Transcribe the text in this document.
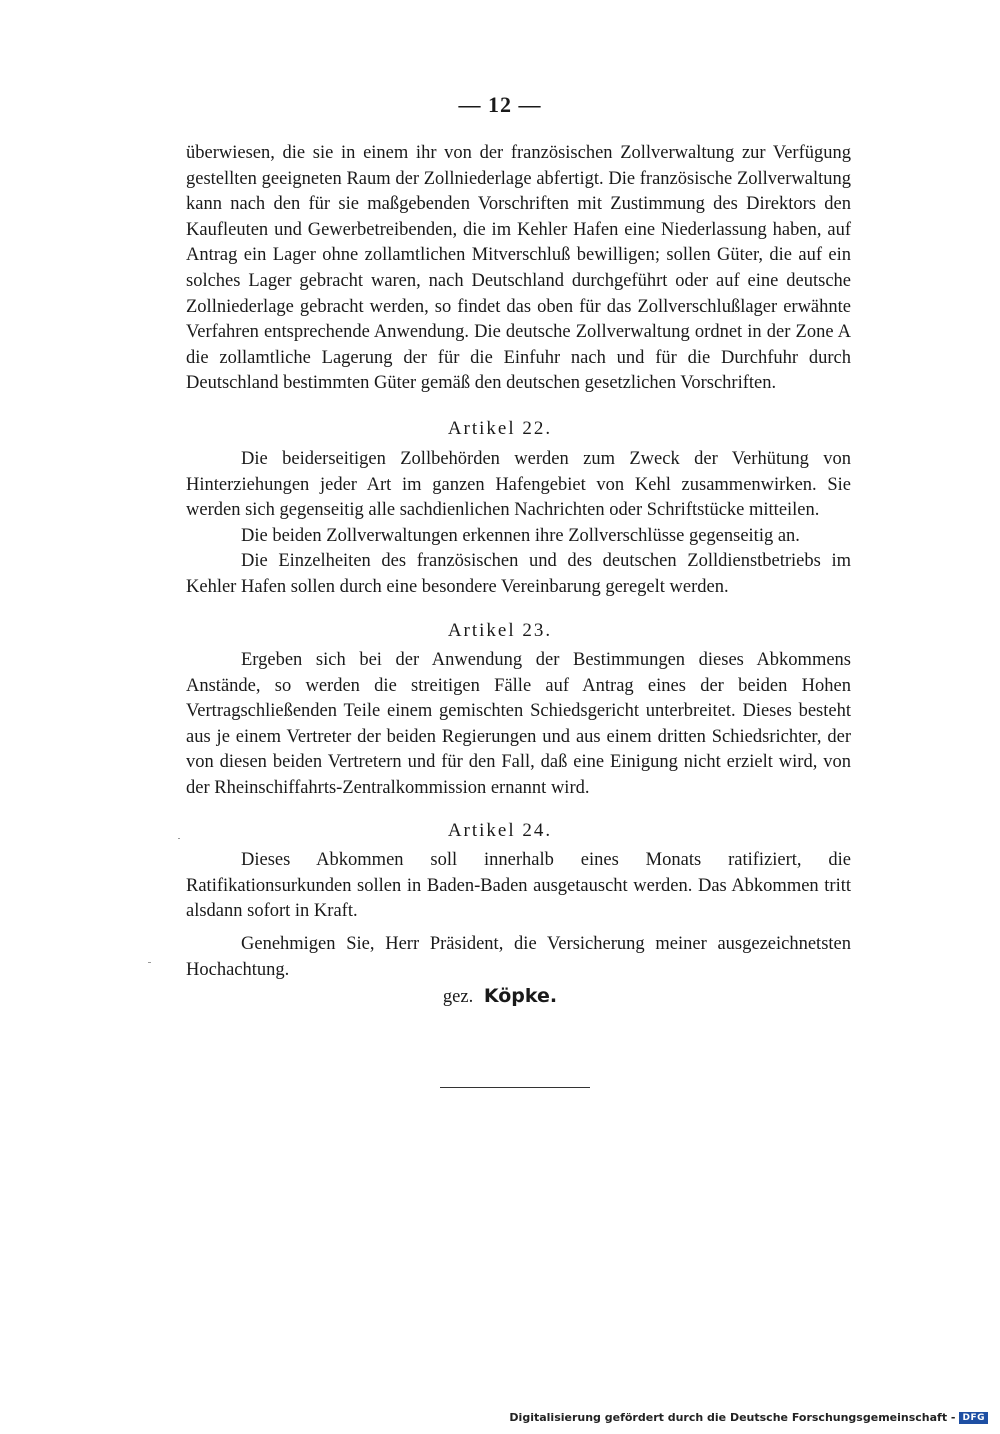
— 12 —

überwiesen, die sie in einem ihr von der französischen Zollverwaltung zur Verfügung gestellten geeigneten Raum der Zollniederlage abfertigt. Die französische Zollverwaltung kann nach den für sie maßgebenden Vorschriften mit Zustimmung des Direktors den Kaufleuten und Gewerbetreibenden, die im Kehler Hafen eine Niederlassung haben, auf Antrag ein Lager ohne zollamtlichen Mitverschluß bewilligen; sollen Güter, die auf ein solches Lager gebracht waren, nach Deutschland durchgeführt oder auf eine deutsche Zollniederlage gebracht werden, so findet das oben für das Zollverschlußlager erwähnte Verfahren entsprechende Anwendung. Die deutsche Zollverwaltung ordnet in der Zone A die zollamtliche Lagerung der für die Einfuhr nach und für die Durchfuhr durch Deutschland bestimmten Güter gemäß den deutschen gesetzlichen Vorschriften.

Artikel 22.

Die beiderseitigen Zollbehörden werden zum Zweck der Verhütung von Hinterziehungen jeder Art im ganzen Hafengebiet von Kehl zusammenwirken. Sie werden sich gegenseitig alle sachdienlichen Nachrichten oder Schriftstücke mitteilen.

Die beiden Zollverwaltungen erkennen ihre Zollverschlüsse gegenseitig an.

Die Einzelheiten des französischen und des deutschen Zolldienstbetriebs im Kehler Hafen sollen durch eine besondere Vereinbarung geregelt werden.

Artikel 23.

Ergeben sich bei der Anwendung der Bestimmungen dieses Abkommens Anstände, so werden die streitigen Fälle auf Antrag eines der beiden Hohen Vertragschließenden Teile einem gemischten Schiedsgericht unterbreitet. Dieses besteht aus je einem Vertreter der beiden Regierungen und aus einem dritten Schiedsrichter, der von diesen beiden Vertretern und für den Fall, daß eine Einigung nicht erzielt wird, von der Rheinschiffahrts-Zentralkommission ernannt wird.

Artikel 24.

Dieses Abkommen soll innerhalb eines Monats ratifiziert, die Ratifikationsurkunden sollen in Baden-Baden ausgetauscht werden. Das Abkommen tritt alsdann sofort in Kraft.

Genehmigen Sie, Herr Präsident, die Versicherung meiner ausgezeichnetsten Hochachtung.

gez. Köpke.
Digitalisierung gefördert durch die Deutsche Forschungsgemeinschaft - DFG
